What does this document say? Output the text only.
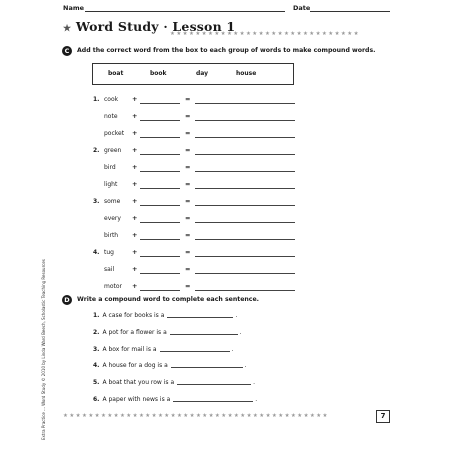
Name	Date
★ Word Study · Lesson 1
★★★★★★★★★★★★★★★★★★★★★★★★★★★★★★
C	Add the correct word from the box to each group of words to make compound words.
boat	book	day	house
1. cook +	=
note +	=
pocket +	=
2. green +	=
bird	+	=
light +	=
3. some +	=
every +	=
birth +	=
4. tug	+	=
sail	+	=
motor +	=
D	Write a compound word to complete each sentence.
1. A case for books is a	.
2. A pot for a flower is a	.
3. A box for mail is a	.
4. A house for a dog is a	.
5. A boat that you row is a	.
6. A paper with news is a	.
Extra Practice ... Word Study © 2010 by Linda Ward Beech, Scholastic Teaching Resources	★★★★★★★★★★★★★★★★★★★★★★★★★★★★★★★★★★★★★★★★★★	7
